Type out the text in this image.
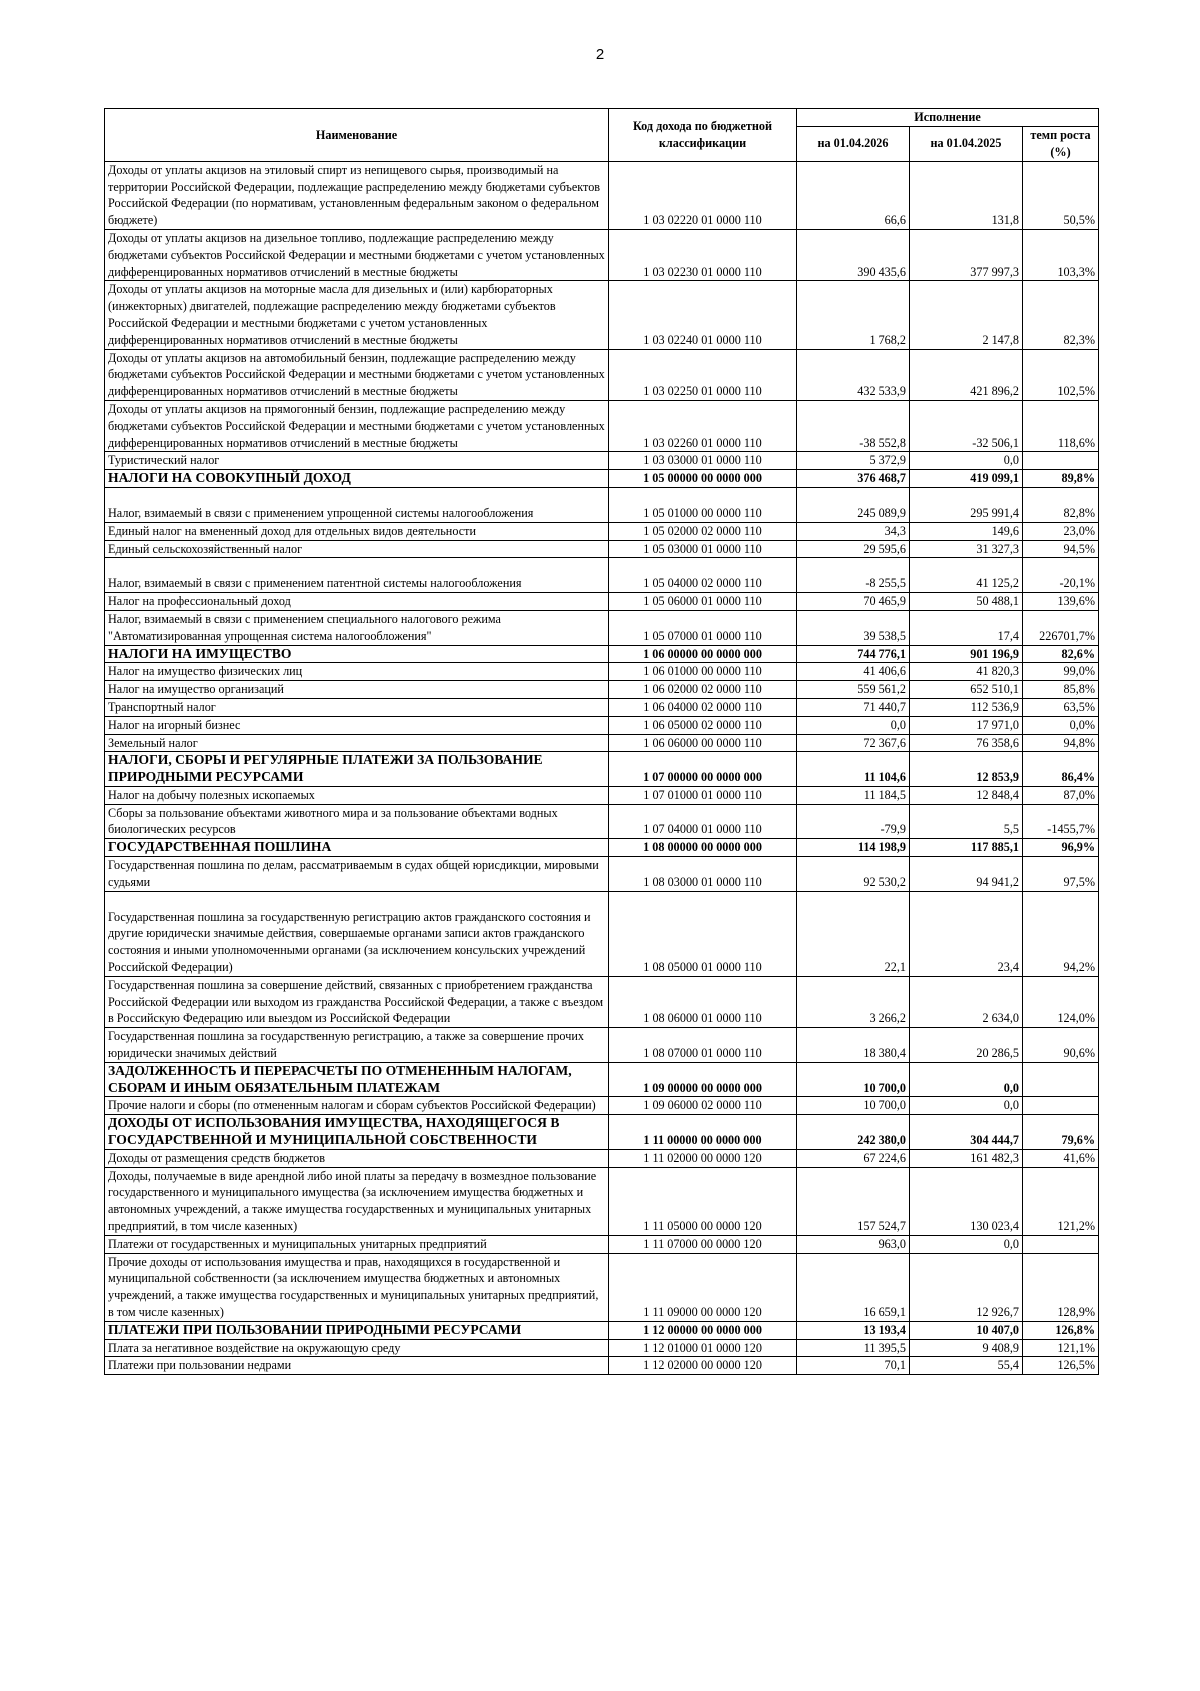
2
Наименование	Код дохода по бюджетной классификации	Исполнение		
		на 01.04.2026	на 01.04.2025	темп роста (%)
Доходы от уплаты акцизов на этиловый спирт из непищевого сырья, производимый на территории Российской Федерации, подлежащие распределению между бюджетами субъектов Российской Федерации (по нормативам, установленным федеральным законом о федеральном бюджете)	1 03 02220 01 0000 110	66,6	131,8	50,5%
Доходы от уплаты акцизов на дизельное топливо, подлежащие распределению между бюджетами субъектов Российской Федерации и местными бюджетами с учетом установленных дифференцированных нормативов отчислений в местные бюджеты	1 03 02230 01 0000 110	390 435,6	377 997,3	103,3%
Доходы от уплаты акцизов на моторные масла для дизельных и (или) карбюраторных (инжекторных) двигателей, подлежащие распределению между бюджетами субъектов Российской Федерации и местными бюджетами с учетом установленных дифференцированных нормативов отчислений в местные бюджеты	1 03 02240 01 0000 110	1 768,2	2 147,8	82,3%
Доходы от уплаты акцизов на автомобильный бензин, подлежащие распределению между бюджетами субъектов Российской Федерации и местными бюджетами с учетом установленных дифференцированных нормативов отчислений в местные бюджеты	1 03 02250 01 0000 110	432 533,9	421 896,2	102,5%
Доходы от уплаты акцизов на прямогонный бензин, подлежащие распределению между бюджетами субъектов Российской Федерации и местными бюджетами с учетом установленных дифференцированных нормативов отчислений в местные бюджеты	1 03 02260 01 0000 110	-38 552,8	-32 506,1	118,6%
Туристический налог	1 03 03000 01 0000 110	5 372,9	0,0	
НАЛОГИ НА СОВОКУПНЫЙ ДОХОД	1 05 00000 00 0000 000	376 468,7	419 099,1	89,8%
Налог, взимаемый в связи с применением упрощенной системы налогообложения	1 05 01000 00 0000 110	245 089,9	295 991,4	82,8%
Единый налог на вмененный доход для отдельных видов деятельности	1 05 02000 02 0000 110	34,3	149,6	23,0%
Единый сельскохозяйственный налог	1 05 03000 01 0000 110	29 595,6	31 327,3	94,5%
Налог, взимаемый в связи с применением патентной системы налогообложения	1 05 04000 02 0000 110	-8 255,5	41 125,2	-20,1%
Налог на профессиональный доход	1 05 06000 01 0000 110	70 465,9	50 488,1	139,6%
Налог, взимаемый в связи с применением специального налогового режима "Автоматизированная упрощенная система налогообложения"	1 05 07000 01 0000 110	39 538,5	17,4	226701,7%
НАЛОГИ НА ИМУЩЕСТВО	1 06 00000 00 0000 000	744 776,1	901 196,9	82,6%
Налог на имущество физических лиц	1 06 01000 00 0000 110	41 406,6	41 820,3	99,0%
Налог на имущество организаций	1 06 02000 02 0000 110	559 561,2	652 510,1	85,8%
Транспортный налог	1 06 04000 02 0000 110	71 440,7	112 536,9	63,5%
Налог на игорный бизнес	1 06 05000 02 0000 110	0,0	17 971,0	0,0%
Земельный налог	1 06 06000 00 0000 110	72 367,6	76 358,6	94,8%
НАЛОГИ, СБОРЫ И РЕГУЛЯРНЫЕ ПЛАТЕЖИ ЗА ПОЛЬЗОВАНИЕ ПРИРОДНЫМИ РЕСУРСАМИ	1 07 00000 00 0000 000	11 104,6	12 853,9	86,4%
Налог на добычу полезных ископаемых	1 07 01000 01 0000 110	11 184,5	12 848,4	87,0%
Сборы за пользование объектами животного мира и за пользование объектами водных биологических ресурсов	1 07 04000 01 0000 110	-79,9	5,5	-1455,7%
ГОСУДАРСТВЕННАЯ ПОШЛИНА	1 08 00000 00 0000 000	114 198,9	117 885,1	96,9%
Государственная пошлина по делам, рассматриваемым в судах общей юрисдикции, мировыми судьями	1 08 03000 01 0000 110	92 530,2	94 941,2	97,5%
Государственная пошлина за государственную регистрацию актов гражданского состояния и другие юридически значимые действия, совершаемые органами записи актов гражданского состояния и иными уполномоченными органами (за исключением консульских учреждений Российской Федерации)	1 08 05000 01 0000 110	22,1	23,4	94,2%
Государственная пошлина за совершение действий, связанных с приобретением гражданства Российской Федерации или выходом из гражданства Российской Федерации, а также с въездом в Российскую Федерацию или выездом из Российской Федерации	1 08 06000 01 0000 110	3 266,2	2 634,0	124,0%
Государственная пошлина за государственную регистрацию, а также за совершение прочих юридически значимых действий	1 08 07000 01 0000 110	18 380,4	20 286,5	90,6%
ЗАДОЛЖЕННОСТЬ И ПЕРЕРАСЧЕТЫ ПО ОТМЕНЕННЫМ НАЛОГАМ, СБОРАМ И ИНЫМ ОБЯЗАТЕЛЬНЫМ ПЛАТЕЖАМ	1 09 00000 00 0000 000	10 700,0	0,0	
Прочие налоги и сборы (по отмененным налогам и сборам субъектов Российской Федерации)	1 09 06000 02 0000 110	10 700,0	0,0	
ДОХОДЫ ОТ ИСПОЛЬЗОВАНИЯ ИМУЩЕСТВА, НАХОДЯЩЕГОСЯ В ГОСУДАРСТВЕННОЙ И МУНИЦИПАЛЬНОЙ СОБСТВЕННОСТИ	1 11 00000 00 0000 000	242 380,0	304 444,7	79,6%
Доходы от размещения средств бюджетов	1 11 02000 00 0000 120	67 224,6	161 482,3	41,6%
Доходы, получаемые в виде арендной либо иной платы за передачу в возмездное пользование государственного и муниципального имущества (за исключением имущества бюджетных и автономных учреждений, а также имущества государственных и муниципальных унитарных предприятий, в том числе казенных)	1 11 05000 00 0000 120	157 524,7	130 023,4	121,2%
Платежи от государственных и муниципальных унитарных предприятий	1 11 07000 00 0000 120	963,0	0,0	
Прочие доходы от использования имущества и прав, находящихся в государственной и муниципальной собственности (за исключением имущества бюджетных и автономных учреждений, а также имущества государственных и муниципальных унитарных предприятий, в том числе казенных)	1 11 09000 00 0000 120	16 659,1	12 926,7	128,9%
ПЛАТЕЖИ ПРИ ПОЛЬЗОВАНИИ ПРИРОДНЫМИ РЕСУРСАМИ	1 12 00000 00 0000 000	13 193,4	10 407,0	126,8%
Плата за негативное воздействие на окружающую среду	1 12 01000 01 0000 120	11 395,5	9 408,9	121,1%
Платежи при пользовании недрами	1 12 02000 00 0000 120	70,1	55,4	126,5%
